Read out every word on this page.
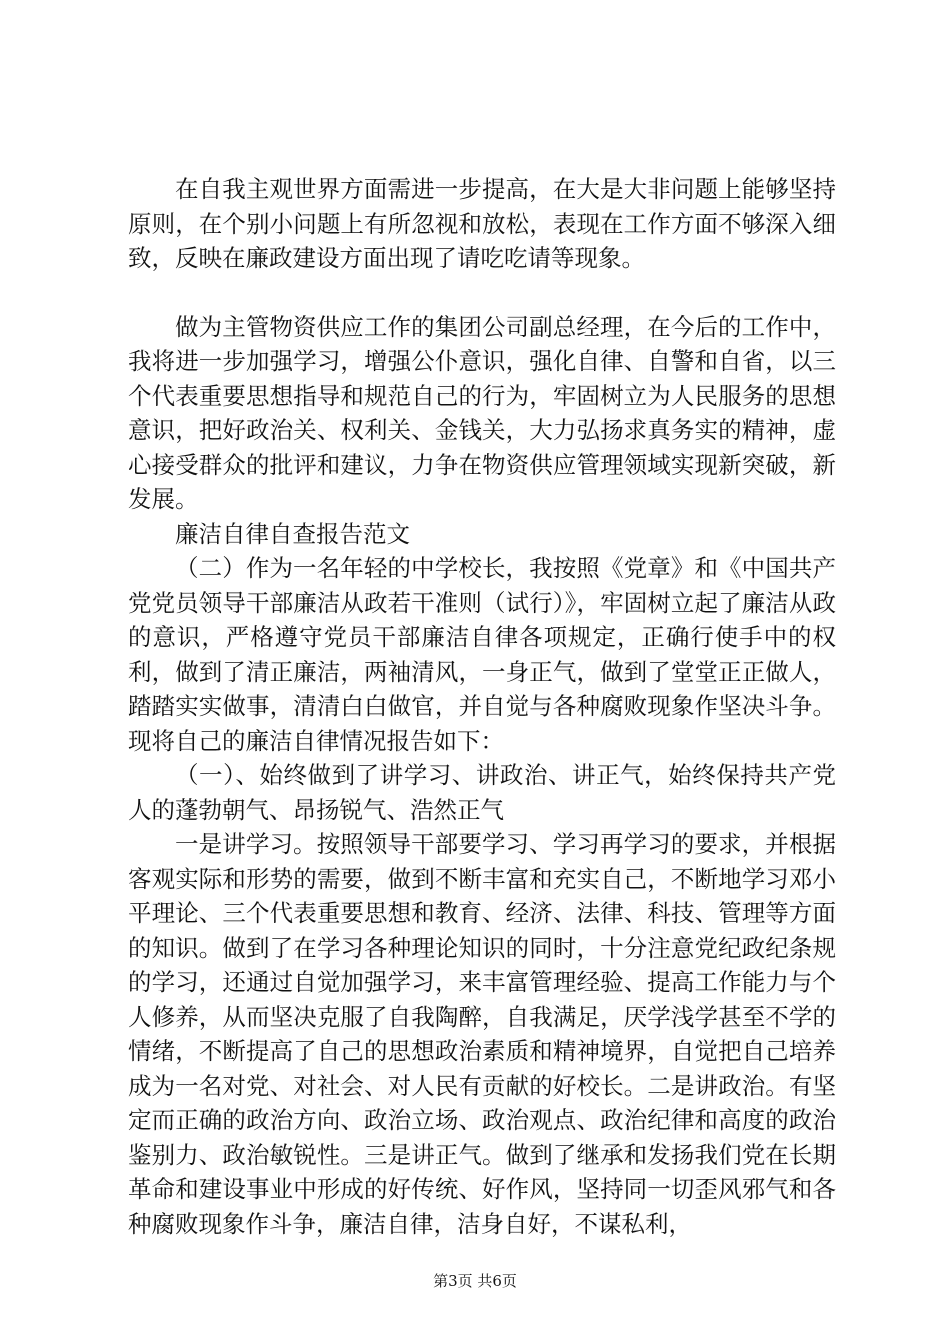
在自我主观世界方面需进一步提高，在大是大非问题上能够坚持原则，在个别小问题上有所忽视和放松，表现在工作方面不够深入细致，反映在廉政建设方面出现了请吃吃请等现象。

做为主管物资供应工作的集团公司副总经理，在今后的工作中，我将进一步加强学习，增强公仆意识，强化自律、自警和自省，以三个代表重要思想指导和规范自己的行为，牢固树立为人民服务的思想意识，把好政治关、权利关、金钱关，大力弘扬求真务实的精神，虚心接受群众的批评和建议，力争在物资供应管理领域实现新突破，新发展。

廉洁自律自查报告范文

（二）作为一名年轻的中学校长，我按照《党章》和《中国共产党党员领导干部廉洁从政若干准则（试行）》，牢固树立起了廉洁从政的意识，严格遵守党员干部廉洁自律各项规定，正确行使手中的权利，做到了清正廉洁，两袖清风，一身正气，做到了堂堂正正做人，踏踏实实做事，清清白白做官，并自觉与各种腐败现象作坚决斗争。现将自己的廉洁自律情况报告如下：

（一）、始终做到了讲学习、讲政治、讲正气，始终保持共产党人的蓬勃朝气、昂扬锐气、浩然正气

一是讲学习。按照领导干部要学习、学习再学习的要求，并根据客观实际和形势的需要，做到不断丰富和充实自己，不断地学习邓小平理论、三个代表重要思想和教育、经济、法律、科技、管理等方面的知识。做到了在学习各种理论知识的同时，十分注意党纪政纪条规的学习，还通过自觉加强学习，来丰富管理经验、提高工作能力与个人修养，从而坚决克服了自我陶醉，自我满足，厌学浅学甚至不学的情绪，不断提高了自己的思想政治素质和精神境界，自觉把自己培养成为一名对党、对社会、对人民有贡献的好校长。二是讲政治。有坚定而正确的政治方向、政治立场、政治观点、政治纪律和高度的政治鉴别力、政治敏锐性。三是讲正气。做到了继承和发扬我们党在长期革命和建设事业中形成的好传统、好作风，坚持同一切歪风邪气和各种腐败现象作斗争，廉洁自律，洁身自好，不谋私利，

第3页 共6页
